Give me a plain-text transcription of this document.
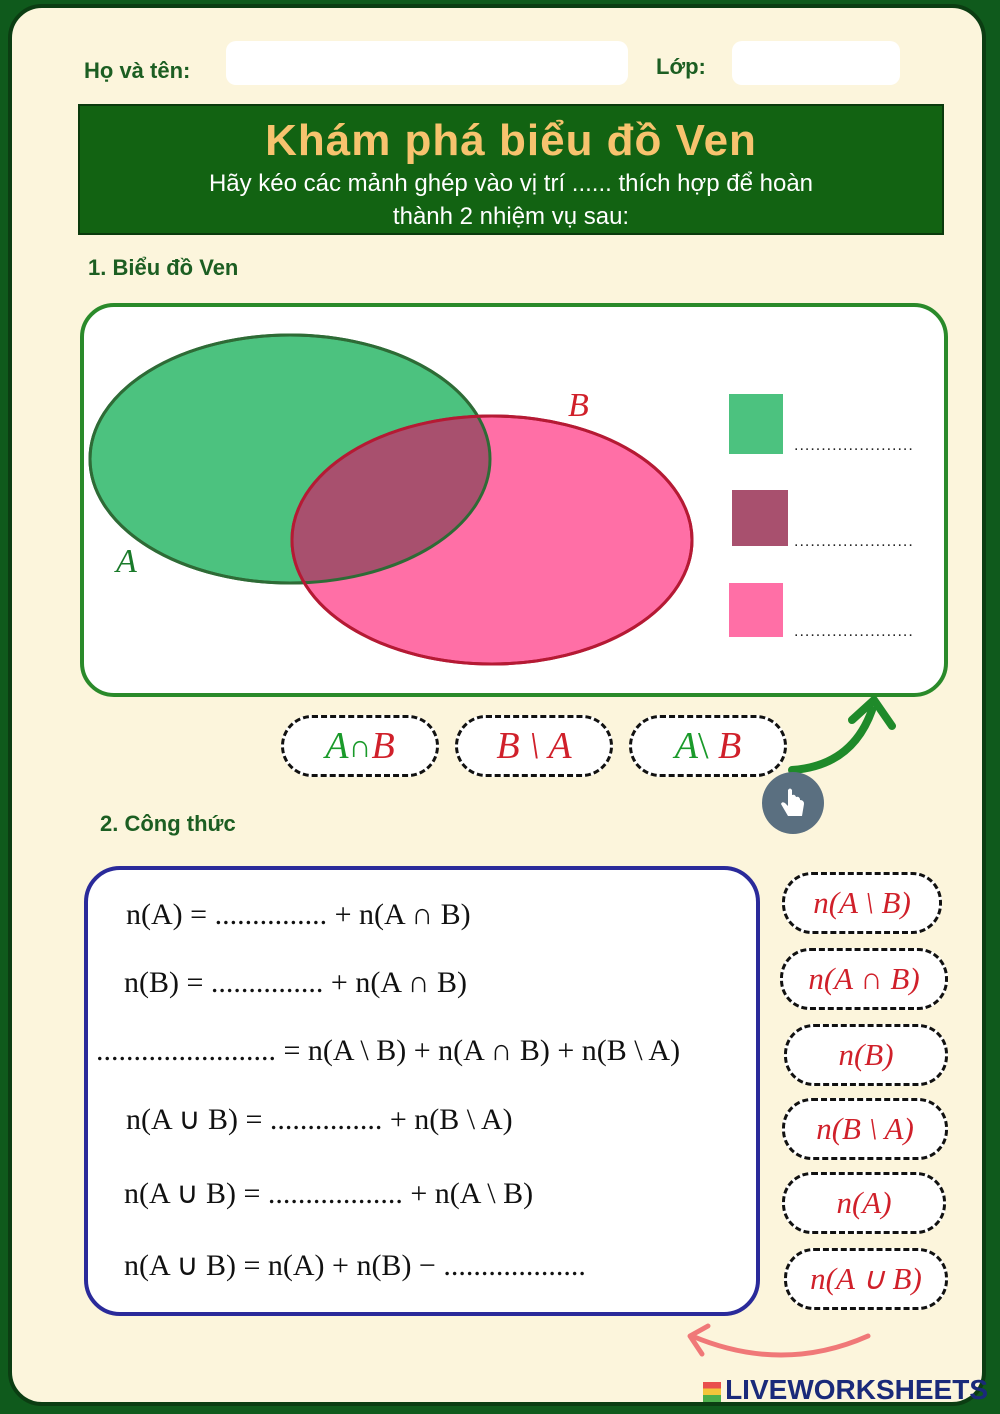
Họ và tên:	Lớp:
Khám phá biểu đồ Ven
Hãy kéo các mảnh ghép vào vị trí ...... thích hợp để hoàn
thành 2 nhiệm vụ sau:
1. Biểu đồ Ven
A
B
......................
......................
......................
A ∩ B	B \ A	A \ B
2. Công thức
n(A) = ............... + n(A ∩ B)
n(B) = ............... + n(A ∩ B)
........................ = n(A \ B) + n(A ∩ B) + n(B \ A)
n(A ∪ B) = ............... + n(B \ A)
n(A ∪ B) = .................. + n(A \ B)
n(A ∪ B) = n(A) + n(B) − ...................
n(A \ B)
n(A ∩ B)
n(B)
n(B \ A)
n(A)
n(A ∪ B)
LIVEWORKSHEETS
